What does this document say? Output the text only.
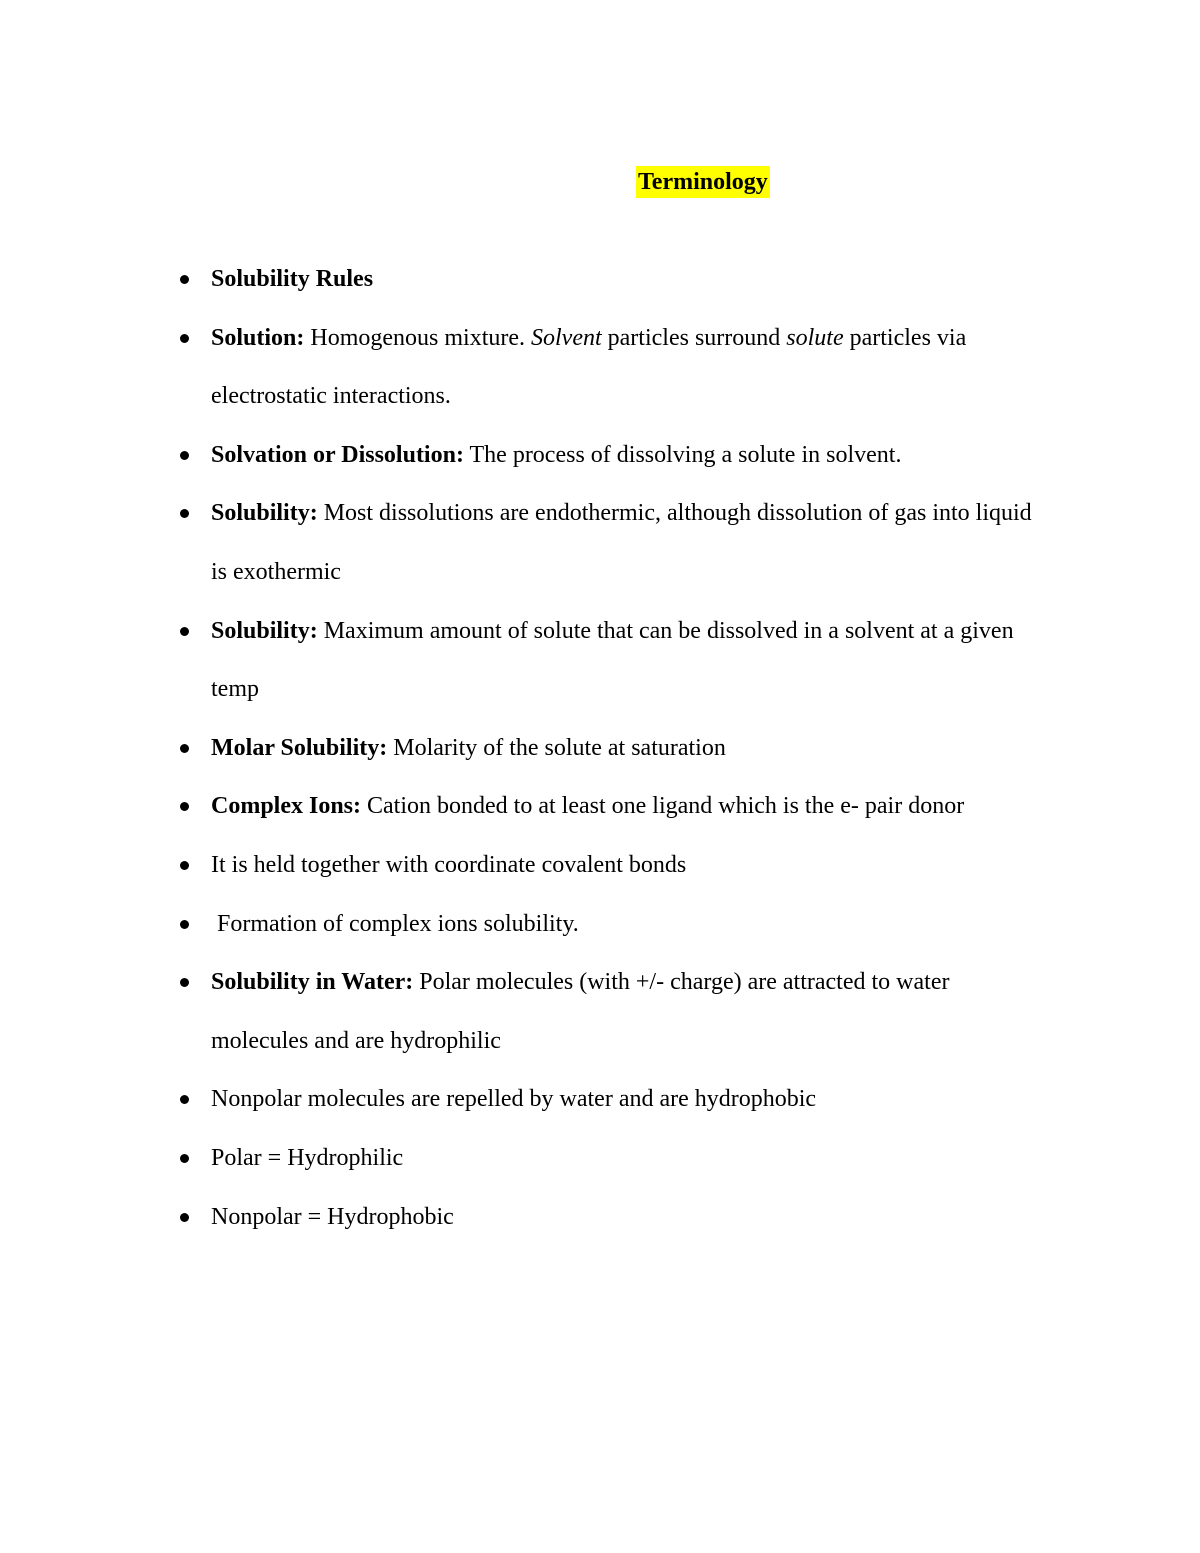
Terminology
Solubility Rules
Solution: Homogenous mixture. Solvent particles surround solute particles via electrostatic interactions.
Solvation or Dissolution: The process of dissolving a solute in solvent.
Solubility: Most dissolutions are endothermic, although dissolution of gas into liquid is exothermic
Solubility: Maximum amount of solute that can be dissolved in a solvent at a given temp
Molar Solubility: Molarity of the solute at saturation
Complex Ions: Cation bonded to at least one ligand which is the e- pair donor
It is held together with coordinate covalent bonds
Formation of complex ions solubility.
Solubility in Water: Polar molecules (with +/- charge) are attracted to water molecules and are hydrophilic
Nonpolar molecules are repelled by water and are hydrophobic
Polar = Hydrophilic
Nonpolar = Hydrophobic
